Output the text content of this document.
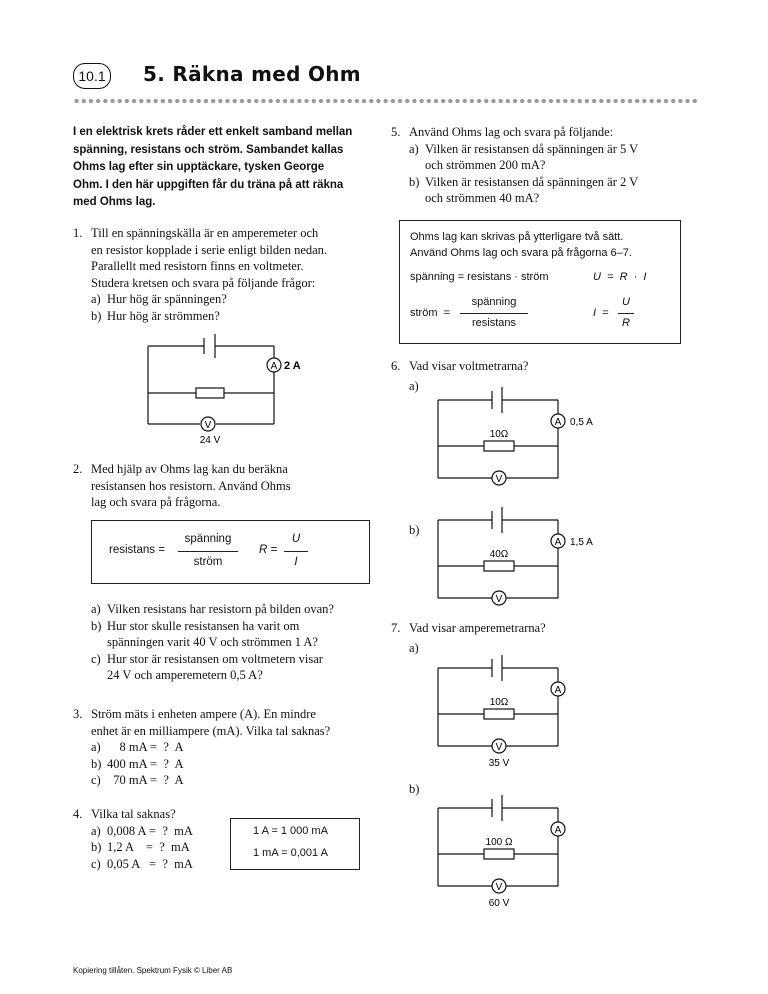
10.1 5. Räkna med Ohm
I en elektrisk krets råder ett enkelt samband mellan spänning, resistans och ström. Sambandet kallas Ohms lag efter sin upptäckare, tysken George Ohm. I den här uppgiften får du träna på att räkna med Ohms lag.
1. Till en spänningskälla är en amperemeter och
en resistor kopplade i serie enligt bilden nedan.
Parallellt med resistorn finns en voltmeter.
Studera kretsen och svara på följande frågor:
a) Hur hög är spänningen?
b) Hur hög är strömmen?
A 2 A
V
24 V
2. Med hjälp av Ohms lag kan du beräkna
resistansen hos resistorn. Använd Ohms
lag och svara på frågorna.
resistans =
spänning
ström
R =
U
I
a) Vilken resistans har resistorn på bilden ovan?
b) Hur stor skulle resistansen ha varit om
spänningen varit 40 V och strömmen 1 A?
c) Hur stor är resistansen om voltmetern visar
24 V och amperemetern 0,5 A?
3. Ström mäts i enheten ampere (A). En mindre
enhet är en milliampere (mA). Vilka tal saknas?
a) 8 mA =  ?  A
b) 400 mA =  ?  A
c) 70 mA =  ?  A
4. Vilka tal saknas?
a) 0,008 A =  ?  mA
b) 1,2 A    =  ?  mA
c) 0,05 A   =  ?  mA
1 A = 1 000 mA
1 mA = 0,001 A
5. Använd Ohms lag och svara på följande:
a) Vilken är resistansen då spänningen är 5 V
och strömmen 200 mA?
b) Vilken är resistansen då spänningen är 2 V
och strömmen 40 mA?
Ohms lag kan skrivas på ytterligare två sätt.
Använd Ohms lag och svara på frågorna 6–7.
spänning = resistans · ström	U  =  R  ·  I
ström  =
spänning
resistans
I  =
U
R
6. Vad visar voltmetrarna?
a)
b)
7. Vad visar amperemetrarna?
a)
b)
A
V
10Ω
0,5 A
A
V
40Ω
1,5 A
A
V
10Ω
35 V
A
V
100 Ω
60 V
Kopiering tillåten. Spektrum Fysik © Liber AB
